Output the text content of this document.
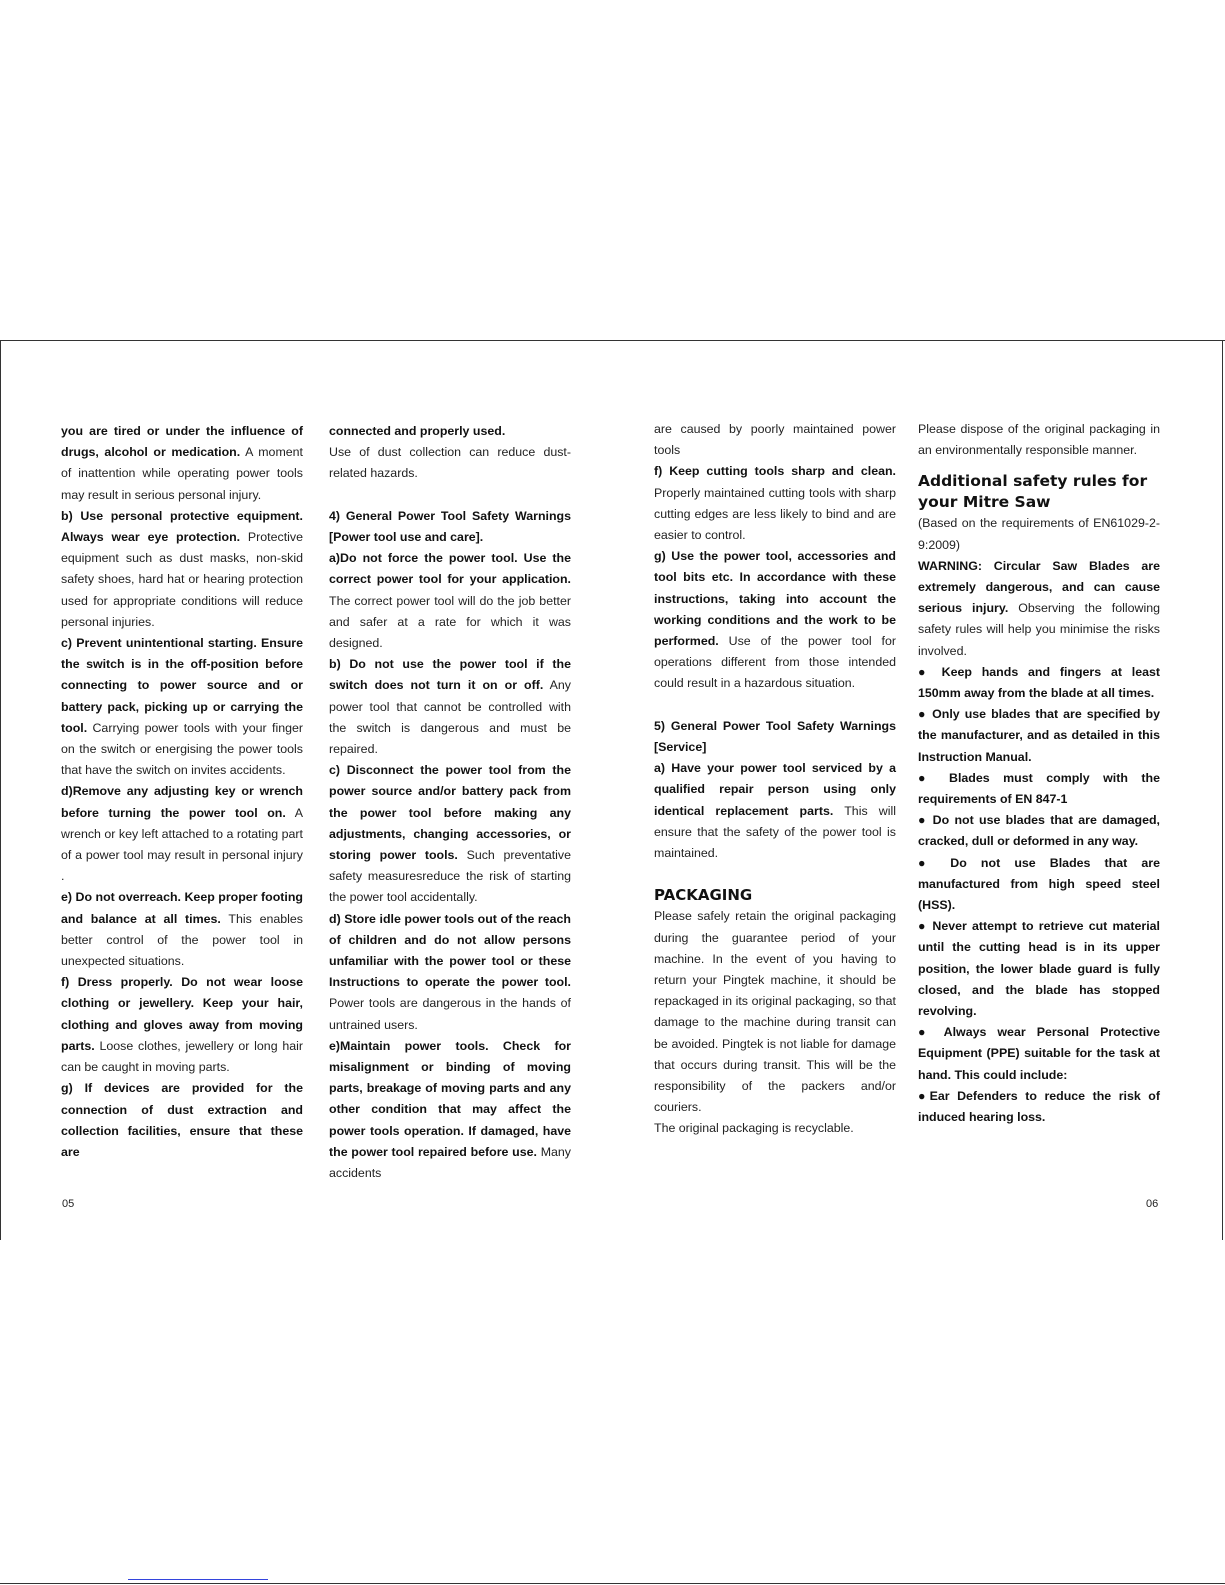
you are tired or under the influence of drugs, alcohol or medication. A moment of inattention while operating power tools may result in serious personal injury.

b) Use personal protective equipment. Always wear eye protection. Protective equipment such as dust masks, non-skid safety shoes, hard hat or hearing protection used for appropriate conditions will reduce personal injuries.

c) Prevent unintentional starting. Ensure the switch is in the off-position before connecting to power source and or battery pack, picking up or carrying the tool. Carrying power tools with your finger on the switch or energising the power tools that have the switch on invites accidents.

d)Remove any adjusting key or wrench before turning the power tool on. A wrench or key left attached to a rotating part of a power tool may result in personal injury .

e) Do not overreach. Keep proper footing and balance at all times. This enables better control of the power tool in unexpected situations.

f) Dress properly. Do not wear loose clothing or jewellery. Keep your hair, clothing and gloves away from moving parts. Loose clothes, jewellery or long hair can be caught in moving parts.

g) If devices are provided for the connection of dust extraction and collection facilities, ensure that these are

connected and properly used.

Use of dust collection can reduce dust-related hazards.

4) General Power Tool Safety Warnings [Power tool use and care].

a)Do not force the power tool. Use the correct power tool for your application. The correct power tool will do the job better and safer at a rate for which it was designed.

b) Do not use the power tool if the switch does not turn it on or off. Any power tool that cannot be controlled with the switch is dangerous and must be repaired.

c) Disconnect the power tool from the power source and/or battery pack from the power tool before making any adjustments, changing accessories, or storing power tools. Such preventative safety measuresreduce the risk of starting the power tool accidentally.

d) Store idle power tools out of the reach of children and do not allow persons unfamiliar with the power tool or these Instructions to operate the power tool. Power tools are dangerous in the hands of untrained users.

e)Maintain power tools. Check for misalignment or binding of moving parts, breakage of moving parts and any other condition that may affect the power tools operation. If damaged, have the power tool repaired before use. Many accidents

are caused by poorly maintained power tools

f) Keep cutting tools sharp and clean. Properly maintained cutting tools with sharp cutting edges are less likely to bind and are easier to control.

g) Use the power tool, accessories and tool bits etc. In accordance with these instructions, taking into account the working conditions and the work to be performed. Use of the power tool for operations different from those intended could result in a hazardous situation.

5) General Power Tool Safety Warnings [Service]

a) Have your power tool serviced by a qualified repair person using only identical replacement parts. This will ensure that the safety of the power tool is maintained.

PACKAGING

Please safely retain the original packaging during the guarantee period of your machine. In the event of you having to return your Pingtek machine, it should be repackaged in its original packaging, so that damage to the machine during transit can be avoided. Pingtek is not liable for damage that occurs during transit. This will be the responsibility of the packers and/or couriers.

The original packaging is recyclable.

Please dispose of the original packaging in an environmentally responsible manner.

Additional safety rules for your Mitre Saw

(Based on the requirements of EN61029-2-9:2009)

WARNING: Circular Saw Blades are extremely dangerous, and can cause serious injury. Observing the following safety rules will help you minimise the risks involved.

● Keep hands and fingers at least 150mm away from the blade at all times.

● Only use blades that are specified by the manufacturer, and as detailed in this Instruction Manual.

● Blades must comply with the requirements of EN 847-1

● Do not use blades that are damaged, cracked, dull or deformed in any way.

● Do not use Blades that are manufactured from high speed steel (HSS).

● Never attempt to retrieve cut material until the cutting head is in its upper position, the lower blade guard is fully closed, and the blade has stopped revolving.

● Always wear Personal Protective Equipment (PPE) suitable for the task at hand. This could include:

●Ear Defenders to reduce the risk of induced hearing loss.

05	06
